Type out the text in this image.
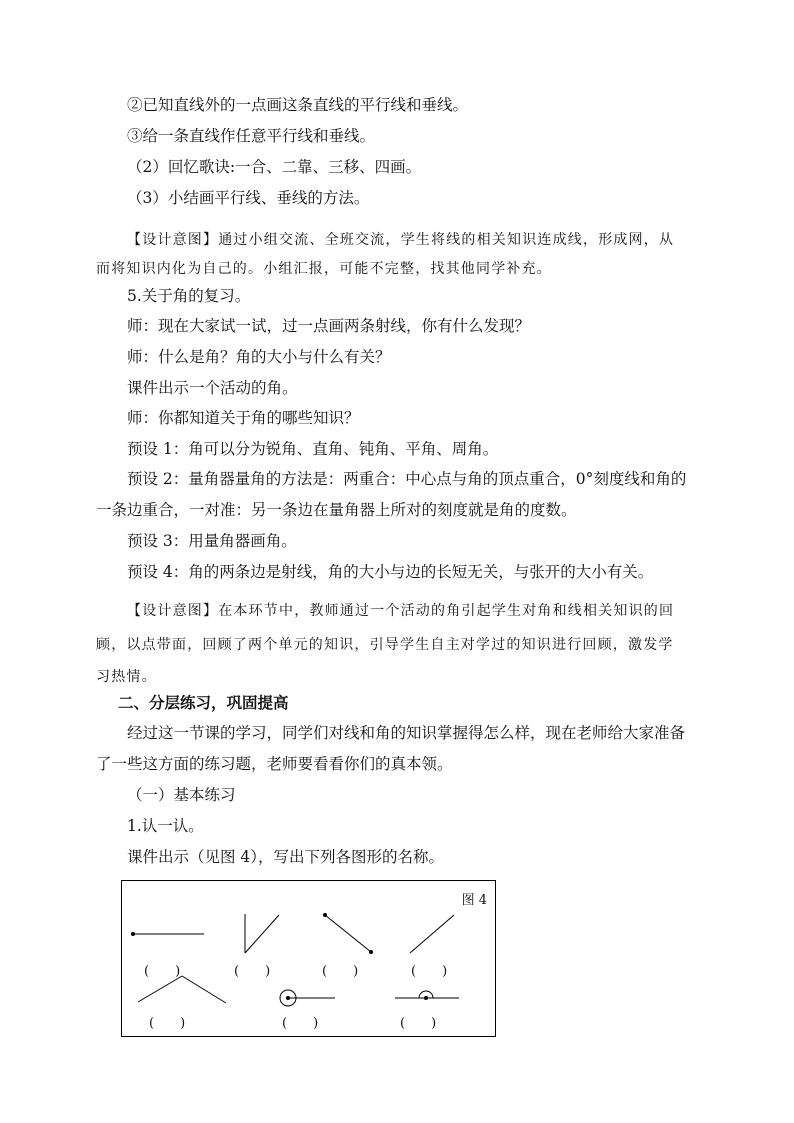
②已知直线外的一点画这条直线的平行线和垂线。
③给一条直线作任意平行线和垂线。
（2）回忆歌诀:一合、二靠、三移、四画。
（3）小结画平行线、垂线的方法。
【设计意图】通过小组交流、全班交流，学生将线的相关知识连成线，形成网，从
而将知识内化为自己的。小组汇报，可能不完整，找其他同学补充。
5.关于角的复习。
师：现在大家试一试，过一点画两条射线，你有什么发现？
师：什么是角？角的大小与什么有关？
课件出示一个活动的角。
师：你都知道关于角的哪些知识？
预设 1：角可以分为锐角、直角、钝角、平角、周角。
预设 2：量角器量角的方法是：两重合：中心点与角的顶点重合，0°刻度线和角的
一条边重合，一对准：另一条边在量角器上所对的刻度就是角的度数。
预设 3：用量角器画角。
预设 4：角的两条边是射线，角的大小与边的长短无关，与张开的大小有关。
【设计意图】在本环节中，教师通过一个活动的角引起学生对角和线相关知识的回
顾，以点带面，回顾了两个单元的知识，引导学生自主对学过的知识进行回顾，激发学
习热情。
二、分层练习，巩固提高
经过这一节课的学习，同学们对线和角的知识掌握得怎么样，现在老师给大家准备
了一些这方面的练习题，老师要看看你们的真本领。
（一）基本练习
1.认一认。
课件出示（见图 4），写出下列各图形的名称。
图 4
(　　)	(　　)	(　　)	(　　)
(　　)	(　　)	(　　)
